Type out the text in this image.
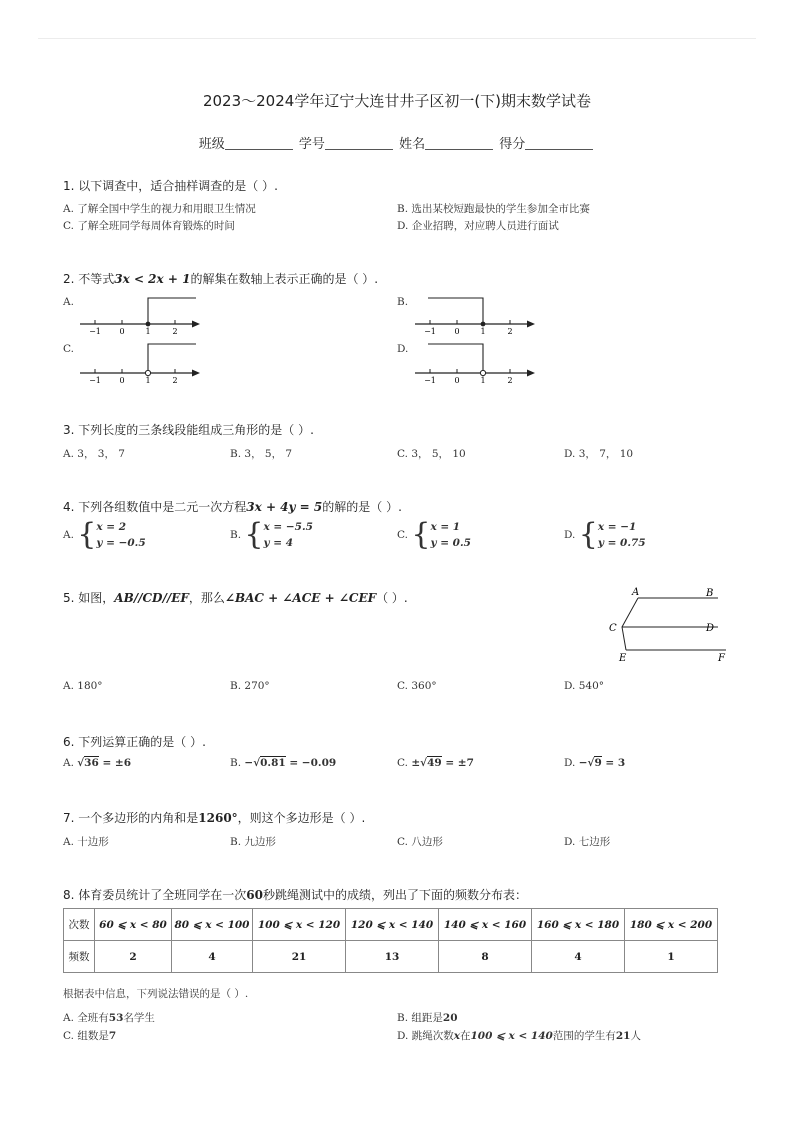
2023～2024学年辽宁大连甘井子区初一(下)期末数学试卷
班级	学号	姓名	得分
1. 以下调查中，适合抽样调查的是（ ）.
A. 了解全国中学生的视力和用眼卫生情况	B. 选出某校短跑最快的学生参加全市比赛
C. 了解全班同学每周体育锻炼的时间	D. 企业招聘，对应聘人员进行面试
2. 不等式3x < 2x + 1的解集在数轴上表示正确的是（ ）.
A.	B.
C.	D.
−1 0	1	2	−1 0	1	2
−1 0	1	2	−1 0	1	2
3. 下列长度的三条线段能组成三角形的是（ ）.
A. 3， 3， 7	B. 3， 5， 7	C. 3， 5， 10	D. 3， 7， 10
4. 下列各组数值中是二元一次方程3x + 4y = 5的解的是（ ）.
A. {x = 2
y = −0.5
B. {x = −5.5
y = 4
C. {x = 1
y = 0.5
D. {x = −1
y = 0.75
5. 如图，AB//CD//EF，那么∠BAC + ∠ACE + ∠CEF（ ）.	A	B
C	D
E	F
A. 180°	B. 270°	C. 360°	D. 540°
6. 下列运算正确的是（ ）.
A. √36 = ±6	B. −√0.81 = −0.09	C. ±√49 = ±7	D. −√9 = 3
7. 一个多边形的内角和是1260°，则这个多边形是（ ）.
A. 十边形	B. 九边形	C. 八边形	D. 七边形
8. 体育委员统计了全班同学在一次60秒跳绳测试中的成绩，列出了下面的频数分布表：
次数	60 ⩽ x < 80	80 ⩽ x < 100	100 ⩽ x < 120	120 ⩽ x < 140	140 ⩽ x < 160	160 ⩽ x < 180	180 ⩽ x < 200
频数	2	4	21	13	8	4	1
根据表中信息，下列说法错误的是（ ）.
A. 全班有53名学生	B. 组距是20
C. 组数是7	D. 跳绳次数x在100 ⩽ x < 140范围的学生有21人
